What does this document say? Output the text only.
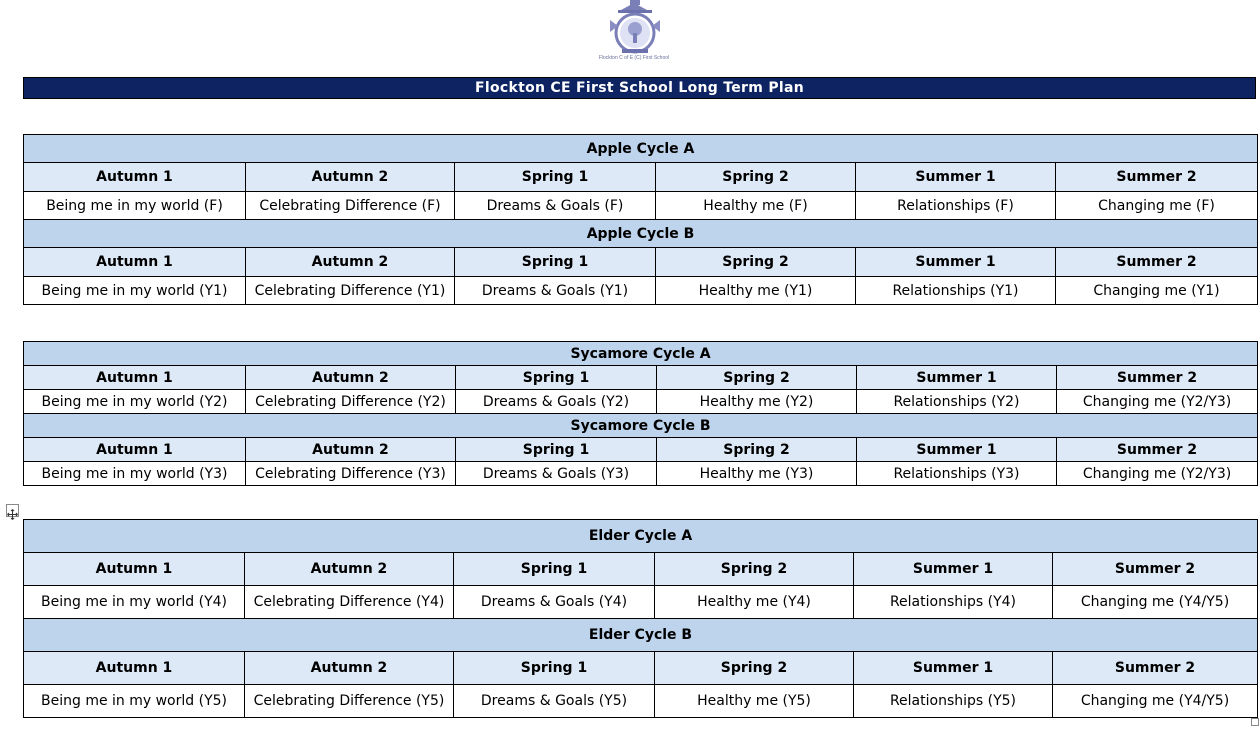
Flockton C of E (C) First School
Flockton CE First School Long Term Plan
Apple Cycle A					
Autumn 1	Autumn 2	Spring 1	Spring 2	Summer 1	Summer 2
Being me in my world (F)	Celebrating Difference (F)	Dreams & Goals (F)	Healthy me (F)	Relationships (F)	Changing me (F)
Apple Cycle B					
Autumn 1	Autumn 2	Spring 1	Spring 2	Summer 1	Summer 2
Being me in my world (Y1)	Celebrating Difference (Y1)	Dreams & Goals (Y1)	Healthy me (Y1)	Relationships (Y1)	Changing me (Y1)
Sycamore Cycle A					
Autumn 1	Autumn 2	Spring 1	Spring 2	Summer 1	Summer 2
Being me in my world (Y2)	Celebrating Difference (Y2)	Dreams & Goals (Y2)	Healthy me (Y2)	Relationships (Y2)	Changing me (Y2/Y3)
Sycamore Cycle B					
Autumn 1	Autumn 2	Spring 1	Spring 2	Summer 1	Summer 2
Being me in my world (Y3)	Celebrating Difference (Y3)	Dreams & Goals (Y3)	Healthy me (Y3)	Relationships (Y3)	Changing me (Y2/Y3)
Elder Cycle A					
Autumn 1	Autumn 2	Spring 1	Spring 2	Summer 1	Summer 2
Being me in my world (Y4)	Celebrating Difference (Y4)	Dreams & Goals (Y4)	Healthy me (Y4)	Relationships (Y4)	Changing me (Y4/Y5)
Elder Cycle B					
Autumn 1	Autumn 2	Spring 1	Spring 2	Summer 1	Summer 2
Being me in my world (Y5)	Celebrating Difference (Y5)	Dreams & Goals (Y5)	Healthy me (Y5)	Relationships (Y5)	Changing me (Y4/Y5)
